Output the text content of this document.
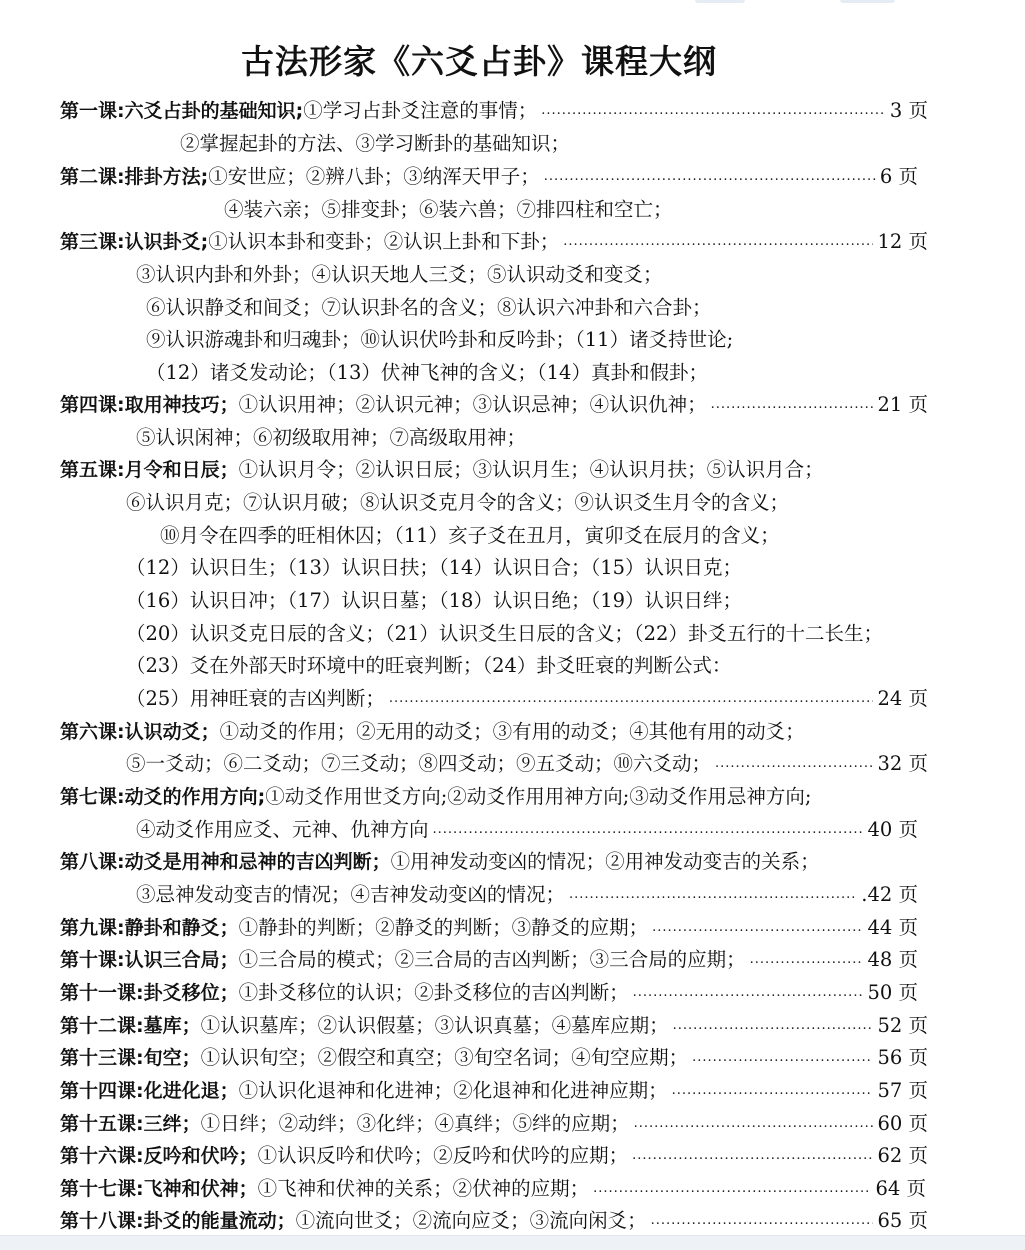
古法形家《六爻占卦》课程大纲
第一课:六爻占卦的基础知识; ①学习占卦爻注意的事情； .....	3 页
②掌握起卦的方法、③学习断卦的基础知识；
第二课:排卦方法; ①安世应；②辨八卦；③纳浑天甲子； .....	6 页
④装六亲；⑤排变卦；⑥装六兽；⑦排四柱和空亡；
第三课:认识卦爻; ①认识本卦和变卦；②认识上卦和下卦； .....	12 页
③认识内卦和外卦；④认识天地人三爻；⑤认识动爻和变爻；
⑥认识静爻和间爻；⑦认识卦名的含义；⑧认识六冲卦和六合卦；
⑨认识游魂卦和归魂卦；⑩认识伏吟卦和反吟卦；（11）诸爻持世论;
（12）诸爻发动论；（13）伏神飞神的含义；（14）真卦和假卦；
第四课:取用神技巧； ①认识用神；②认识元神；③认识忌神；④认识仇神； .....	21 页
⑤认识闲神；⑥初级取用神；⑦高级取用神；
第五课:月令和日辰； ①认识月令；②认识日辰；③认识月生；④认识月扶；⑤认识月合；
⑥认识月克；⑦认识月破；⑧认识爻克月令的含义；⑨认识爻生月令的含义；
⑩月令在四季的旺相休囚；（11）亥子爻在丑月，寅卯爻在辰月的含义；
（12）认识日生；（13）认识日扶；（14）认识日合；（15）认识日克；
（16）认识日冲；（17）认识日墓；（18）认识日绝；（19）认识日绊；
（20）认识爻克日辰的含义；（21）认识爻生日辰的含义；（22）卦爻五行的十二长生；
（23）爻在外部天时环境中的旺衰判断；（24）卦爻旺衰的判断公式：
（25）用神旺衰的吉凶判断； .....	24 页
第六课:认识动爻； ①动爻的作用；②无用的动爻；③有用的动爻；④其他有用的动爻；
⑤一爻动；⑥二爻动；⑦三爻动；⑧四爻动；⑨五爻动；⑩六爻动； .....	32 页
第七课:动爻的作用方向; ①动爻作用世爻方向;②动爻作用用神方向;③动爻作用忌神方向;
④动爻作用应爻、元神、仇神方向 .....	40 页
第八课:动爻是用神和忌神的吉凶判断； ①用神发动变凶的情况；②用神发动变吉的关系；
③忌神发动变吉的情况；④吉神发动变凶的情况； .....	.42 页
第九课:静卦和静爻； ①静卦的判断；②静爻的判断；③静爻的应期； .....	44 页
第十课:认识三合局； ①三合局的模式；②三合局的吉凶判断；③三合局的应期； .....	48 页
第十一课:卦爻移位； ①卦爻移位的认识；②卦爻移位的吉凶判断； .....	50 页
第十二课:墓库； ①认识墓库；②认识假墓；③认识真墓；④墓库应期； .....	52 页
第十三课:旬空； ①认识旬空；②假空和真空；③旬空名词；④旬空应期； .....	56 页
第十四课:化进化退； ①认识化退神和化进神；②化退神和化进神应期； .....	57 页
第十五课:三绊； ①日绊；②动绊；③化绊；④真绊；⑤绊的应期； .....	60 页
第十六课:反吟和伏吟； ①认识反吟和伏吟；②反吟和伏吟的应期； .....	62 页
第十七课:飞神和伏神； ①飞神和伏神的关系；②伏神的应期； .....	64 页
第十八课:卦爻的能量流动； ①流向世爻；②流向应爻；③流向闲爻； .....	65 页
